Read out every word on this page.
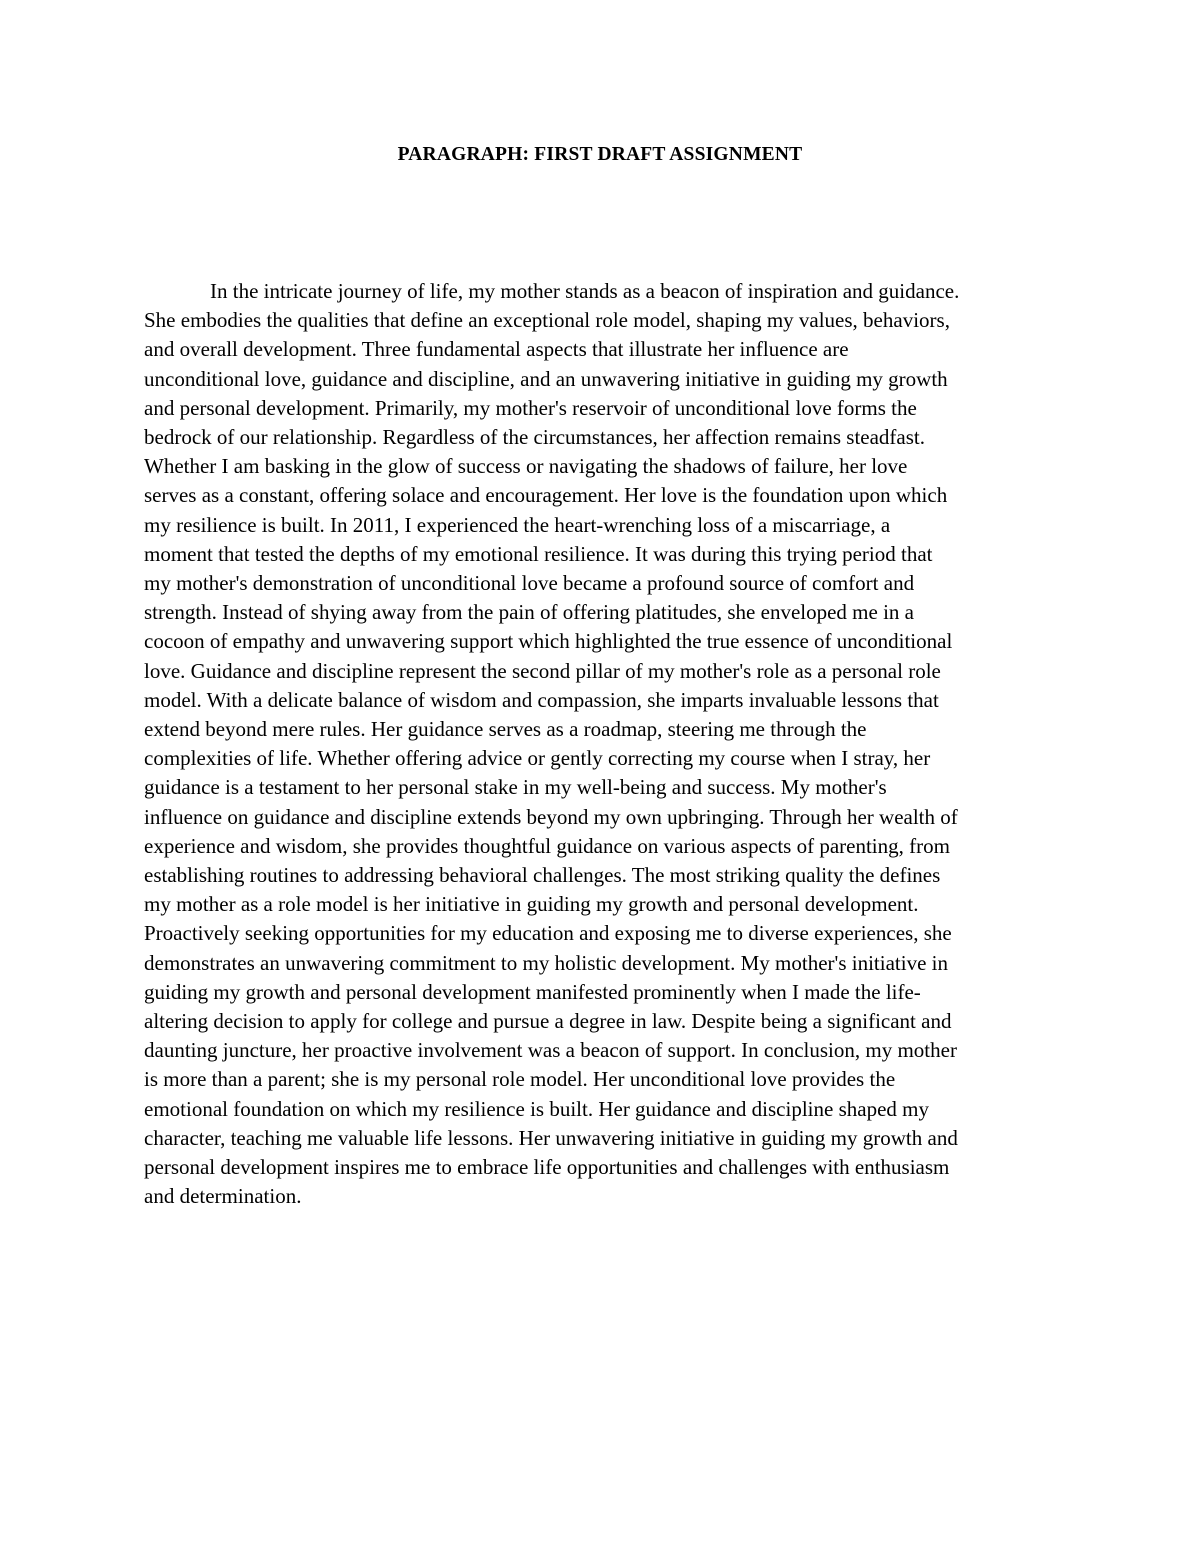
PARAGRAPH: FIRST DRAFT ASSIGNMENT
In the intricate journey of life, my mother stands as a beacon of inspiration and guidance.
She embodies the qualities that define an exceptional role model, shaping my values, behaviors,
and overall development. Three fundamental aspects that illustrate her influence are
unconditional love, guidance and discipline, and an unwavering initiative in guiding my growth
and personal development. Primarily, my mother's reservoir of unconditional love forms the
bedrock of our relationship. Regardless of the circumstances, her affection remains steadfast.
Whether I am basking in the glow of success or navigating the shadows of failure, her love
serves as a constant, offering solace and encouragement. Her love is the foundation upon which
my resilience is built. In 2011, I experienced the heart-wrenching loss of a miscarriage, a
moment that tested the depths of my emotional resilience. It was during this trying period that
my mother's demonstration of unconditional love became a profound source of comfort and
strength. Instead of shying away from the pain of offering platitudes, she enveloped me in a
cocoon of empathy and unwavering support which highlighted the true essence of unconditional
love. Guidance and discipline represent the second pillar of my mother's role as a personal role
model. With a delicate balance of wisdom and compassion, she imparts invaluable lessons that
extend beyond mere rules. Her guidance serves as a roadmap, steering me through the
complexities of life. Whether offering advice or gently correcting my course when I stray, her
guidance is a testament to her personal stake in my well-being and success. My mother's
influence on guidance and discipline extends beyond my own upbringing. Through her wealth of
experience and wisdom, she provides thoughtful guidance on various aspects of parenting, from
establishing routines to addressing behavioral challenges. The most striking quality the defines
my mother as a role model is her initiative in guiding my growth and personal development.
Proactively seeking opportunities for my education and exposing me to diverse experiences, she
demonstrates an unwavering commitment to my holistic development. My mother's initiative in
guiding my growth and personal development manifested prominently when I made the life-
altering decision to apply for college and pursue a degree in law. Despite being a significant and
daunting juncture, her proactive involvement was a beacon of support. In conclusion, my mother
is more than a parent; she is my personal role model. Her unconditional love provides the
emotional foundation on which my resilience is built. Her guidance and discipline shaped my
character, teaching me valuable life lessons. Her unwavering initiative in guiding my growth and
personal development inspires me to embrace life opportunities and challenges with enthusiasm
and determination.
